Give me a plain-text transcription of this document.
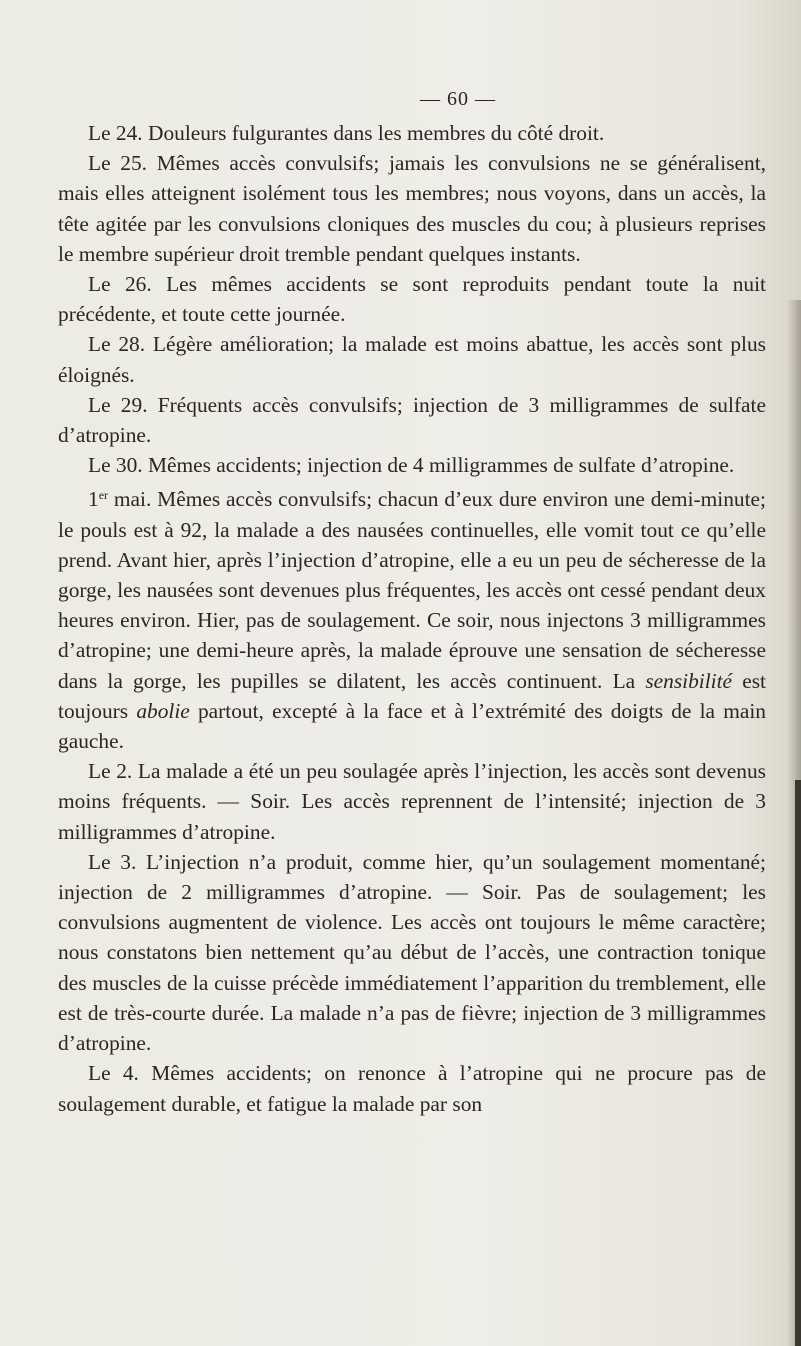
— 60 —

Le 24. Douleurs fulgurantes dans les membres du côté droit.

Le 25. Mêmes accès convulsifs; jamais les convulsions ne se généralisent, mais elles atteignent isolément tous les membres; nous voyons, dans un accès, la tête agitée par les convulsions cloniques des muscles du cou; à plusieurs reprises le membre supérieur droit tremble pendant quelques instants.

Le 26. Les mêmes accidents se sont reproduits pendant toute la nuit précédente, et toute cette journée.

Le 28. Légère amélioration; la malade est moins abattue, les accès sont plus éloignés.

Le 29. Fréquents accès convulsifs; injection de 3 milligrammes de sulfate d’atropine.

Le 30. Mêmes accidents; injection de 4 milligrammes de sulfate d’atropine.

1er mai. Mêmes accès convulsifs; chacun d’eux dure environ une demi-minute; le pouls est à 92, la malade a des nausées continuelles, elle vomit tout ce qu’elle prend. Avant hier, après l’injection d’atropine, elle a eu un peu de sécheresse de la gorge, les nausées sont devenues plus fréquentes, les accès ont cessé pendant deux heures environ. Hier, pas de soulagement. Ce soir, nous injectons 3 milligrammes d’atropine; une demi-heure après, la malade éprouve une sensation de sécheresse dans la gorge, les pupilles se dilatent, les accès continuent. La sensibilité est toujours abolie partout, excepté à la face et à l’extrémité des doigts de la main gauche.

Le 2. La malade a été un peu soulagée après l’injection, les accès sont devenus moins fréquents. — Soir. Les accès reprennent de l’intensité; injection de 3 milligrammes d’atropine.

Le 3. L’injection n’a produit, comme hier, qu’un soulagement momentané; injection de 2 milligrammes d’atropine. — Soir. Pas de soulagement; les convulsions augmentent de violence. Les accès ont toujours le même caractère; nous constatons bien nettement qu’au début de l’accès, une contraction tonique des muscles de la cuisse précède immédiatement l’apparition du tremblement, elle est de très-courte durée. La malade n’a pas de fièvre; injection de 3 milligrammes d’atropine.

Le 4. Mêmes accidents; on renonce à l’atropine qui ne procure pas de soulagement durable, et fatigue la malade par son
